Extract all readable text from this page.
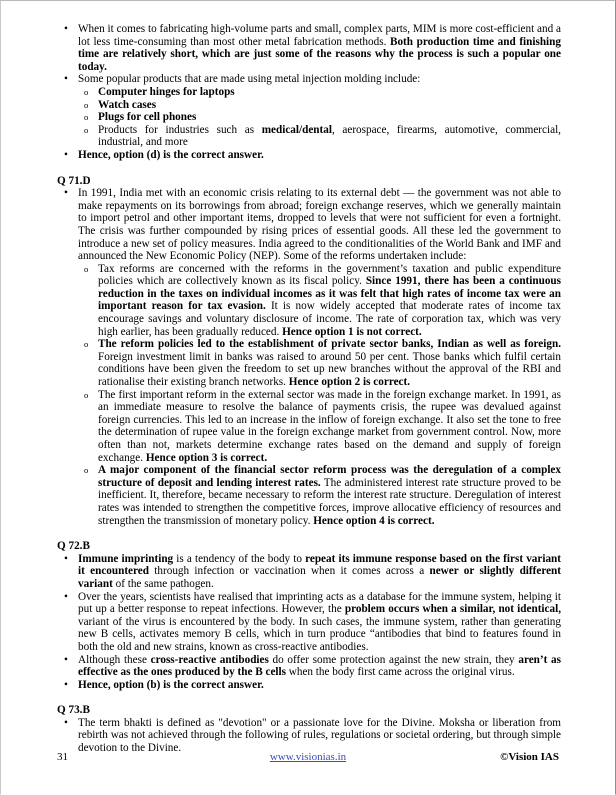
• When it comes to fabricating high-volume parts and small, complex parts, MIM is more cost-efficient and a lot less time-consuming than most other metal fabrication methods. Both production time and finishing time are relatively short, which are just some of the reasons why the process is such a popular one today.
• Some popular products that are made using metal injection molding include:
o Computer hinges for laptops
o Watch cases
o Plugs for cell phones
o Products for industries such as medical/dental, aerospace, firearms, automotive, commercial, industrial, and more
• Hence, option (d) is the correct answer.

Q 71.D

• In 1991, India met with an economic crisis relating to its external debt — the government was not able to make repayments on its borrowings from abroad; foreign exchange reserves, which we generally maintain to import petrol and other important items, dropped to levels that were not sufficient for even a fortnight. The crisis was further compounded by rising prices of essential goods. All these led the government to introduce a new set of policy measures. India agreed to the conditionalities of the World Bank and IMF and announced the New Economic Policy (NEP). Some of the reforms undertaken include:
o Tax reforms are concerned with the reforms in the government’s taxation and public expenditure policies which are collectively known as its fiscal policy. Since 1991, there has been a continuous reduction in the taxes on individual incomes as it was felt that high rates of income tax were an important reason for tax evasion. It is now widely accepted that moderate rates of income tax encourage savings and voluntary disclosure of income. The rate of corporation tax, which was very high earlier, has been gradually reduced. Hence option 1 is not correct.
o The reform policies led to the establishment of private sector banks, Indian as well as foreign. Foreign investment limit in banks was raised to around 50 per cent. Those banks which fulfil certain conditions have been given the freedom to set up new branches without the approval of the RBI and rationalise their existing branch networks. Hence option 2 is correct.
o The first important reform in the external sector was made in the foreign exchange market. In 1991, as an immediate measure to resolve the balance of payments crisis, the rupee was devalued against foreign currencies. This led to an increase in the inflow of foreign exchange. It also set the tone to free the determination of rupee value in the foreign exchange market from government control. Now, more often than not, markets determine exchange rates based on the demand and supply of foreign exchange. Hence option 3 is correct.
o A major component of the financial sector reform process was the deregulation of a complex structure of deposit and lending interest rates. The administered interest rate structure proved to be inefficient. It, therefore, became necessary to reform the interest rate structure. Deregulation of interest rates was intended to strengthen the competitive forces, improve allocative efficiency of resources and strengthen the transmission of monetary policy. Hence option 4 is correct.

Q 72.B

• Immune imprinting is a tendency of the body to repeat its immune response based on the first variant it encountered through infection or vaccination when it comes across a newer or slightly different variant of the same pathogen.
• Over the years, scientists have realised that imprinting acts as a database for the immune system, helping it put up a better response to repeat infections. However, the problem occurs when a similar, not identical, variant of the virus is encountered by the body. In such cases, the immune system, rather than generating new B cells, activates memory B cells, which in turn produce “antibodies that bind to features found in both the old and new strains, known as cross-reactive antibodies.
• Although these cross-reactive antibodies do offer some protection against the new strain, they aren’t as effective as the ones produced by the B cells when the body first came across the original virus.
• Hence, option (b) is the correct answer.

Q 73.B

• The term bhakti is defined as "devotion" or a passionate love for the Divine. Moksha or liberation from rebirth was not achieved through the following of rules, regulations or societal ordering, but through simple devotion to the Divine.
31	www.visionias.in	©Vision IAS
